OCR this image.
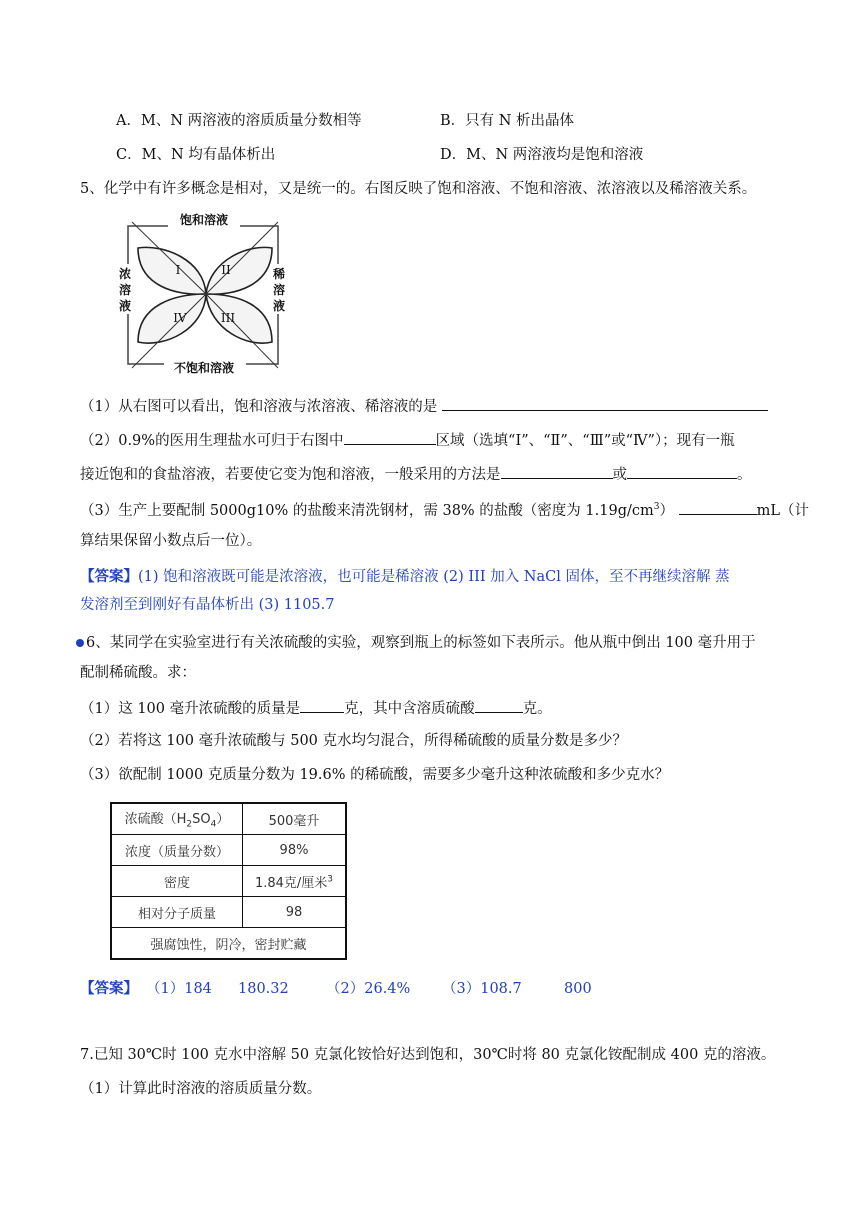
A．M、N 两溶液的溶质质量分数相等	B．只有 N 析出晶体
C．M、N 均有晶体析出	D．M、N 两溶液均是饱和溶液
5、化学中有许多概念是相对，又是统一的。右图反映了饱和溶液、不饱和溶液、浓溶液以及稀溶液关系。
饱和溶液
不饱和溶液
浓
溶
液
稀
溶
液
I	II
IV	III
（1）从右图可以看出，饱和溶液与浓溶液、稀溶液的是
（2）0.9%的医用生理盐水可归于右图中	区域（选填“Ⅰ”、“Ⅱ”、“Ⅲ”或“Ⅳ”）；现有一瓶
接近饱和的食盐溶液，若要使它变为饱和溶液，一般采用的方法是	或	。
（3）生产上要配制 5000g10% 的盐酸来清洗钢材，需 38% 的盐酸（密度为 $1.19g/cm^3$）	mL（计
算结果保留小数点后一位）。
【答案】(1) 饱和溶液既可能是浓溶液，也可能是稀溶液 (2) III 加入 NaCl 固体，至不再继续溶解 蒸
发溶剂至到刚好有晶体析出 (3) 1105.7
6、某同学在实验室进行有关浓硫酸的实验，观察到瓶上的标签如下表所示。他从瓶中倒出 100 毫升用于
配制稀硫酸。求：
（1）这 100 毫升浓硫酸的质量是	克，其中含溶质硫酸	克。
（2）若将这 100 毫升浓硫酸与 500 克水均匀混合，所得稀硫酸的质量分数是多少？
（3）欲配制 1000 克质量分数为 19.6% 的稀硫酸，需要多少毫升这种浓硫酸和多少克水？
浓硫酸$(H_2SO_4)$	500毫升
浓度（质量分数）	98%
密度	1.84克/厘米$^3$
相对分子质量	98
强腐蚀性，阴冷，密封贮藏	
【答案】 （1）184 180.32	（2）26.4% （3）108.7	800
7.已知 30℃时 100 克水中溶解 50 克氯化铵恰好达到饱和，30℃时将 80 克氯化铵配制成 400 克的溶液。
（1）计算此时溶液的溶质质量分数。
